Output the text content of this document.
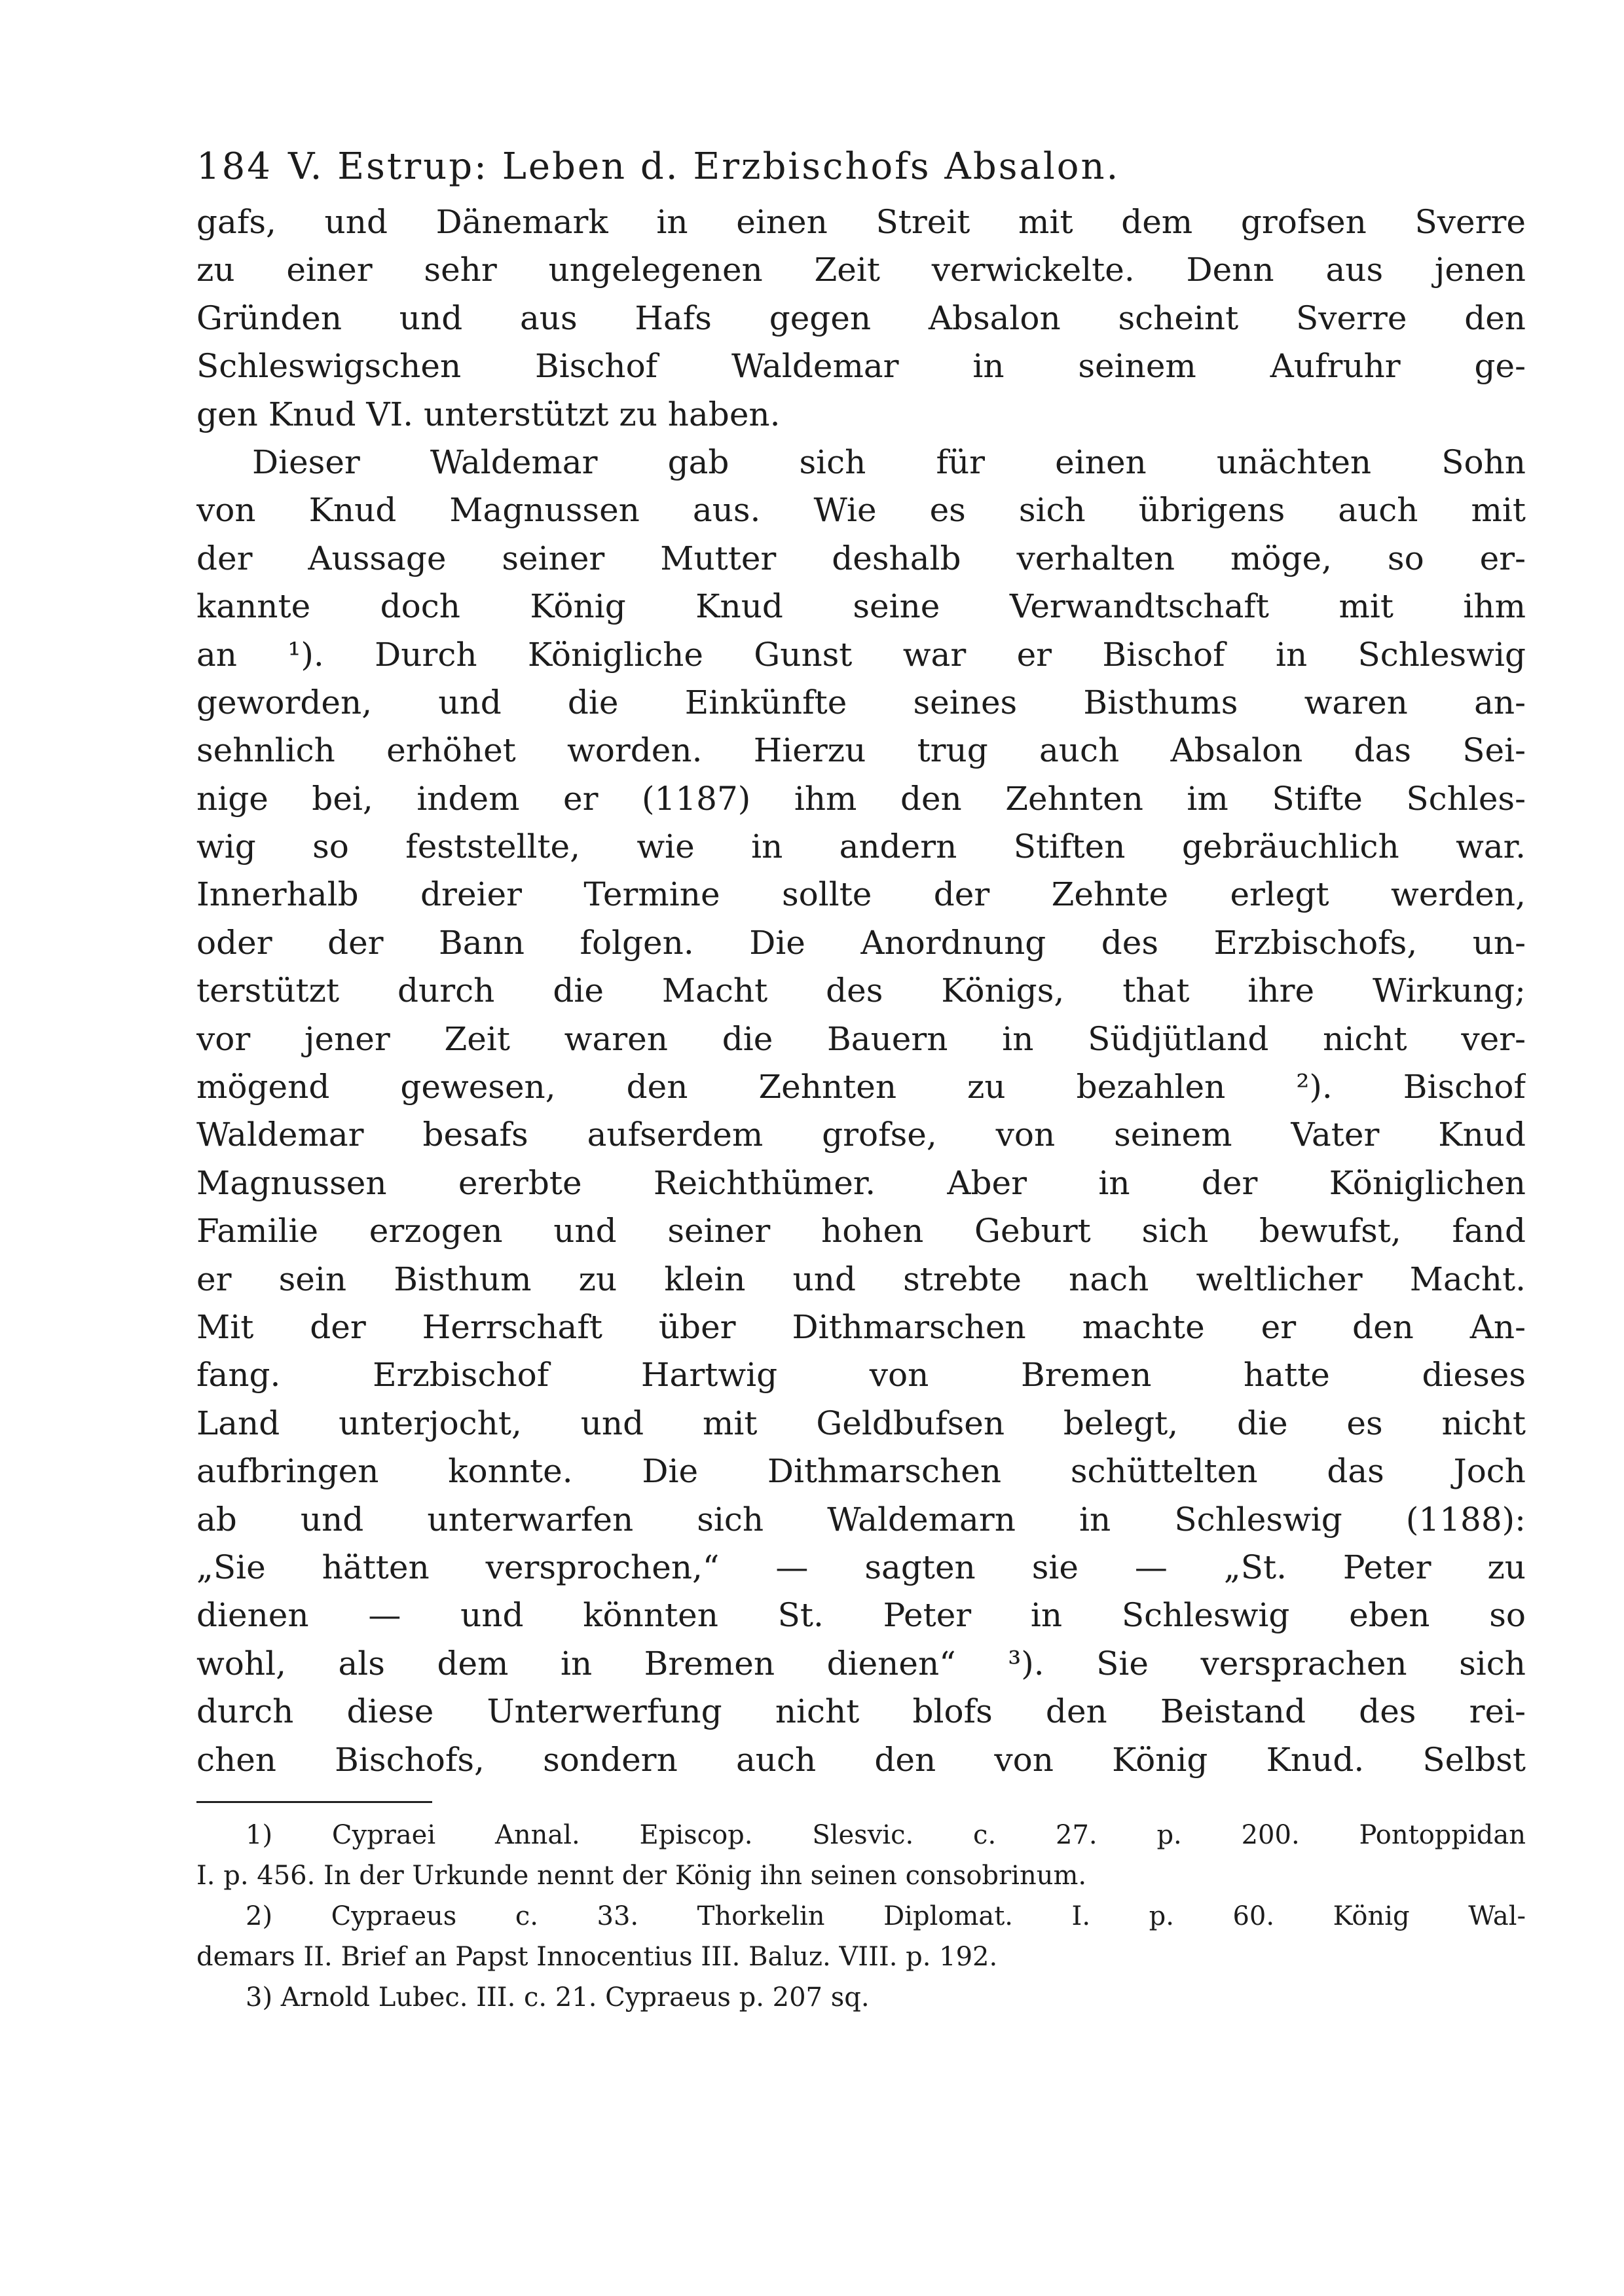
184 V. Estrup: Leben d. Erzbischofs Absalon.
gafs, und Dänemark in einen Streit mit dem grofsen Sverre
zu einer sehr ungelegenen Zeit verwickelte. Denn aus jenen
Gründen und aus Hafs gegen Absalon scheint Sverre den
Schleswigschen Bischof Waldemar in seinem Aufruhr ge-
gen Knud VI. unterstützt zu haben.
Dieser Waldemar gab sich für einen unächten Sohn
von Knud Magnussen aus. Wie es sich übrigens auch mit
der Aussage seiner Mutter deshalb verhalten möge, so er-
kannte doch König Knud seine Verwandtschaft mit ihm
an ¹). Durch Königliche Gunst war er Bischof in Schleswig
geworden, und die Einkünfte seines Bisthums waren an-
sehnlich erhöhet worden. Hierzu trug auch Absalon das Sei-
nige bei, indem er (1187) ihm den Zehnten im Stifte Schles-
wig so feststellte, wie in andern Stiften gebräuchlich war.
Innerhalb dreier Termine sollte der Zehnte erlegt werden,
oder der Bann folgen. Die Anordnung des Erzbischofs, un-
terstützt durch die Macht des Königs, that ihre Wirkung;
vor jener Zeit waren die Bauern in Südjütland nicht ver-
mögend gewesen, den Zehnten zu bezahlen ²). Bischof
Waldemar besafs aufserdem grofse, von seinem Vater Knud
Magnussen ererbte Reichthümer. Aber in der Königlichen
Familie erzogen und seiner hohen Geburt sich bewufst, fand
er sein Bisthum zu klein und strebte nach weltlicher Macht.
Mit der Herrschaft über Dithmarschen machte er den An-
fang. Erzbischof Hartwig von Bremen hatte dieses
Land unterjocht, und mit Geldbufsen belegt, die es nicht
aufbringen konnte. Die Dithmarschen schüttelten das Joch
ab und unterwarfen sich Waldemarn in Schleswig (1188):
„Sie hätten versprochen,“ — sagten sie — „St. Peter zu
dienen — und könnten St. Peter in Schleswig eben so
wohl, als dem in Bremen dienen“ ³). Sie versprachen sich
durch diese Unterwerfung nicht blofs den Beistand des rei-
chen Bischofs, sondern auch den von König Knud. Selbst
1) Cypraei Annal. Episcop. Slesvic. c. 27. p. 200. Pontoppidan
I. p. 456. In der Urkunde nennt der König ihn seinen consobrinum.
2) Cypraeus c. 33. Thorkelin Diplomat. I. p. 60. König Wal-
demars II. Brief an Papst Innocentius III. Baluz. VIII. p. 192.
3) Arnold Lubec. III. c. 21. Cypraeus p. 207 sq.
